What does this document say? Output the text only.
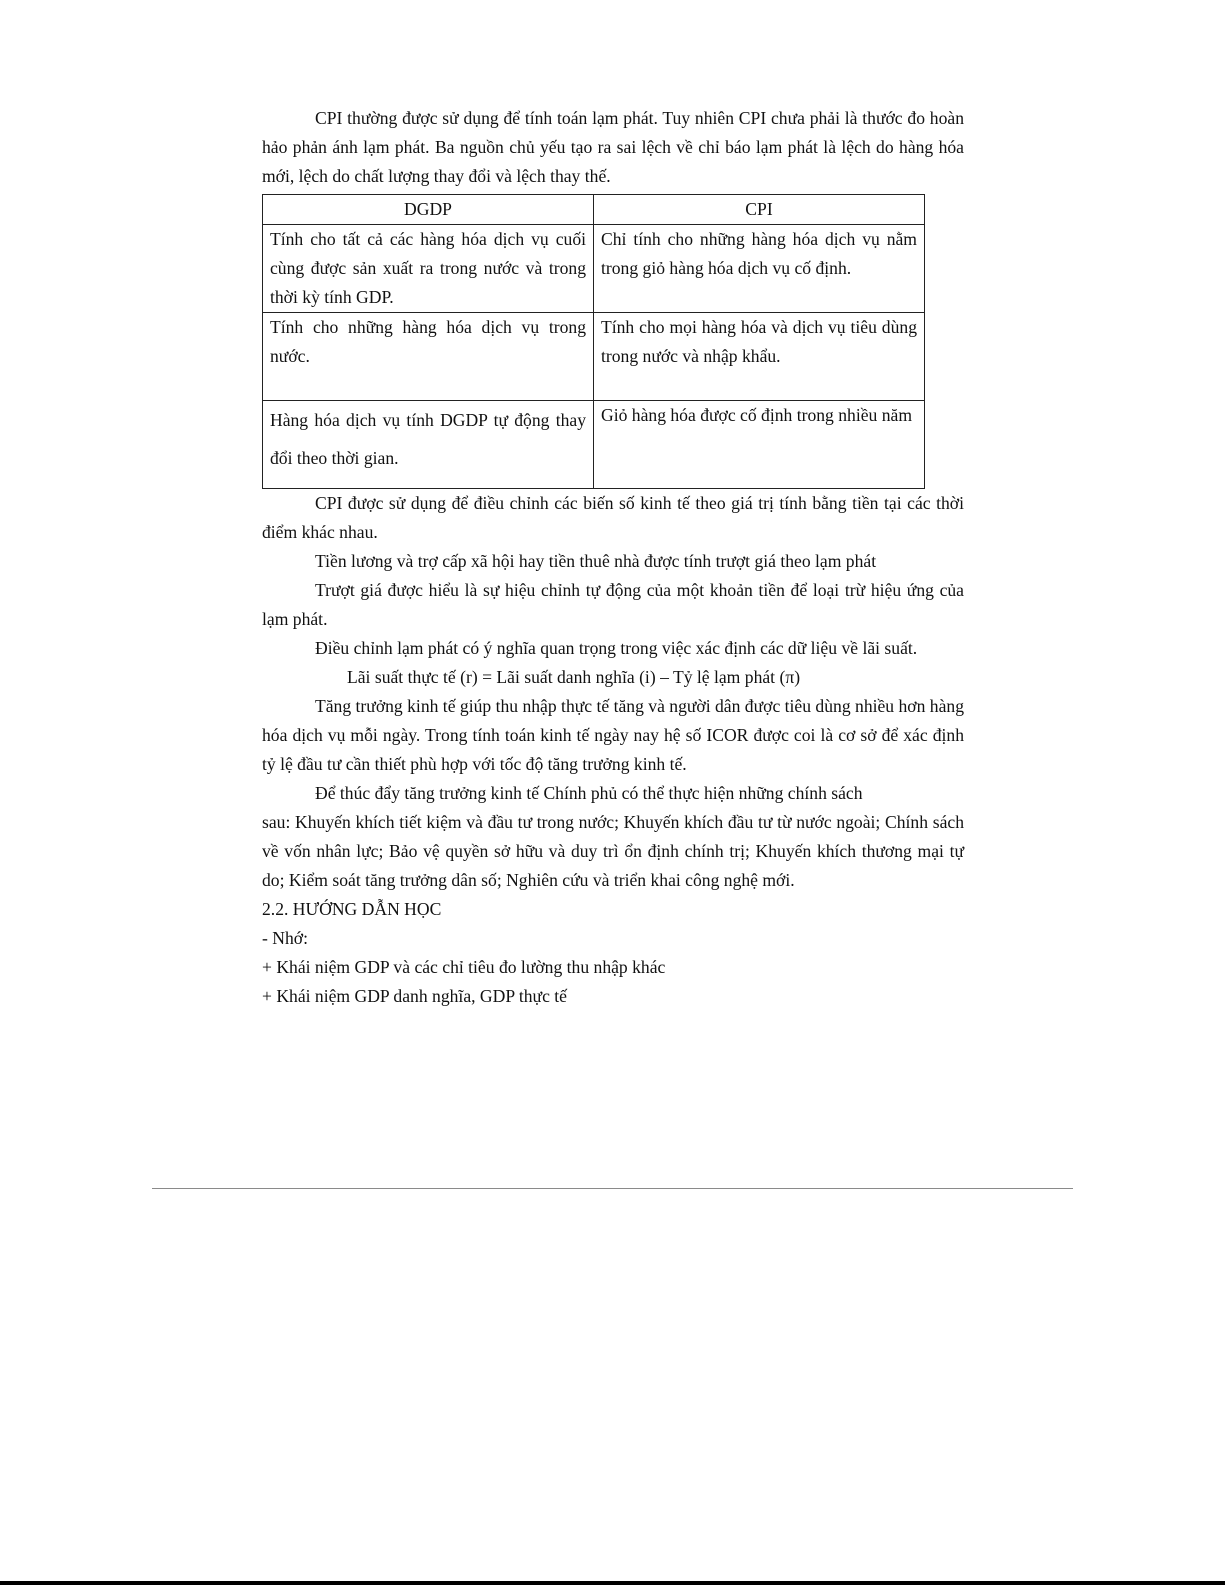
CPI thường được sử dụng để tính toán lạm phát. Tuy nhiên CPI chưa phải là thước đo hoàn hảo phản ánh lạm phát. Ba nguồn chủ yếu tạo ra sai lệch về chỉ báo lạm phát là lệch do hàng hóa mới, lệch do chất lượng thay đổi và lệch thay thế.

DGDP	CPI
Tính cho tất cả các hàng hóa dịch vụ cuối cùng được sản xuất ra trong nước và trong thời kỳ tính GDP.	Chỉ tính cho những hàng hóa dịch vụ nằm trong giỏ hàng hóa dịch vụ cố định.
Tính cho những hàng hóa dịch vụ trong nước.	Tính cho mọi hàng hóa và dịch vụ tiêu dùng trong nước và nhập khẩu.
Hàng hóa dịch vụ tính DGDP tự động thay đổi theo thời gian.	Giỏ hàng hóa được cố định trong nhiều năm

CPI được sử dụng để điều chỉnh các biến số kinh tế theo giá trị tính bằng tiền tại các thời điểm khác nhau.

Tiền lương và trợ cấp xã hội hay tiền thuê nhà được tính trượt giá theo lạm phát

Trượt giá được hiểu là sự hiệu chỉnh tự động của một khoản tiền để loại trừ hiệu ứng của lạm phát.

Điều chỉnh lạm phát có ý nghĩa quan trọng trong việc xác định các dữ liệu về lãi suất.

Lãi suất thực tế (r) = Lãi suất danh nghĩa (i) – Tỷ lệ lạm phát (π)

Tăng trưởng kinh tế giúp thu nhập thực tế tăng và người dân được tiêu dùng nhiều hơn hàng hóa dịch vụ mỗi ngày. Trong tính toán kinh tế ngày nay hệ số ICOR được coi là cơ sở để xác định tỷ lệ đầu tư cần thiết phù hợp với tốc độ tăng trưởng kinh tế.

Để thúc đẩy tăng trưởng kinh tế Chính phủ có thể thực hiện những chính sách

sau: Khuyến khích tiết kiệm và đầu tư trong nước; Khuyến khích đầu tư từ nước ngoài; Chính sách về vốn nhân lực; Bảo vệ quyền sở hữu và duy trì ổn định chính trị; Khuyến khích thương mại tự do; Kiểm soát tăng trưởng dân số; Nghiên cứu và triển khai công nghệ mới.

2.2. HƯỚNG DẪN HỌC

- Nhớ:

+ Khái niệm GDP và các chỉ tiêu đo lường thu nhập khác

+ Khái niệm GDP danh nghĩa, GDP thực tế
